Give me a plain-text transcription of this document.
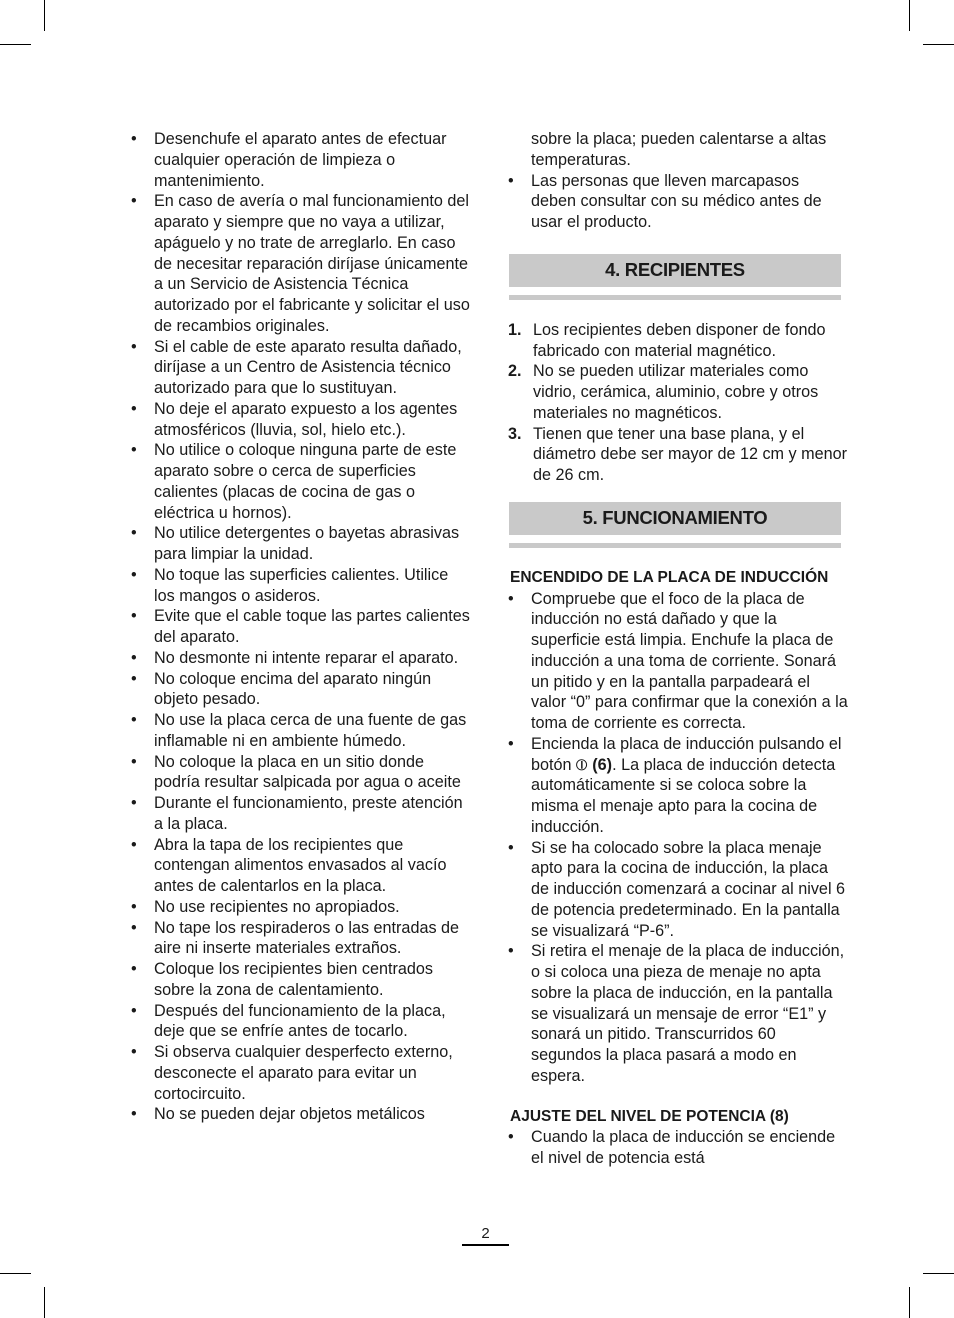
• Desenchufe el aparato antes de efectuar cualquier operación de limpieza o mantenimiento.
• En caso de avería o mal funcionamiento del aparato y siempre que no vaya a utilizar, apáguelo y no trate de arreglarlo. En caso de necesitar reparación diríjase únicamente a un Servicio de Asistencia Técnica autorizado por el fabricante y solicitar el uso de recambios originales.
• Si el cable de este aparato resulta dañado, diríjase a un Centro de Asistencia técnico autorizado para que lo sustituyan.
• No deje el aparato expuesto a los agentes atmosféricos (lluvia, sol, hielo etc.).
• No utilice o coloque ninguna parte de este aparato sobre o cerca de superficies calientes (placas de cocina de gas o eléctrica u hornos).
• No utilice detergentes o bayetas abrasivas para limpiar la unidad.
• No toque las superficies calientes. Utilice los mangos o asideros.
• Evite que el cable toque las partes calientes del aparato.
• No desmonte ni intente reparar el aparato.
• No coloque encima del aparato ningún objeto pesado.
• No use la placa cerca de una fuente de gas inflamable ni en ambiente húmedo.
• No coloque la placa en un sitio donde podría resultar salpicada por agua o aceite
• Durante el funcionamiento, preste atención a la placa.
• Abra la tapa de los recipientes que contengan alimentos envasados al vacío antes de calentarlos en la placa.
• No use recipientes no apropiados.
• No tape los respiraderos o las entradas de aire ni inserte materiales extraños.
• Coloque los recipientes bien centrados sobre la zona de calentamiento.
• Después del funcionamiento de la placa, deje que se enfríe antes de tocarlo.
• Si observa cualquier desperfecto externo, desconecte el aparato para evitar un cortocircuito.
• No se pueden dejar objetos metálicos
sobre la placa; pueden calentarse a altas temperaturas.
• Las personas que lleven marcapasos deben consultar con su médico antes de usar el producto.
4. RECIPIENTES
1. Los recipientes deben disponer de fondo fabricado con material magnético.
2. No se pueden utilizar materiales como vidrio, cerámica, aluminio, cobre y otros materiales no magnéticos.
3. Tienen que tener una base plana, y el diámetro debe ser mayor de 12 cm y menor de 26 cm.
5. FUNCIONAMIENTO
ENCENDIDO DE LA PLACA DE INDUCCIÓN
• Compruebe que el foco de la placa de inducción no está dañado y que la superficie está limpia. Enchufe la placa de inducción a una toma de corriente. Sonará un pitido y en la pantalla parpadeará el valor “0” para confirmar que la conexión a la toma de corriente es correcta.
• Encienda la placa de inducción pulsando el botón ⦶ (6). La placa de inducción detecta automáticamente si se coloca sobre la misma el menaje apto para la cocina de inducción.
• Si se ha colocado sobre la placa menaje apto para la cocina de inducción, la placa de inducción comenzará a cocinar al nivel 6 de potencia predeterminado. En la pantalla se visualizará “P-6”.
• Si retira el menaje de la placa de inducción, o si coloca una pieza de menaje no apta sobre la placa de inducción, en la pantalla se visualizará un mensaje de error “E1” y sonará un pitido. Transcurridos 60 segundos la placa pasará a modo en espera.
AJUSTE DEL NIVEL DE POTENCIA (8)
• Cuando la placa de inducción se enciende el nivel de potencia está
2
